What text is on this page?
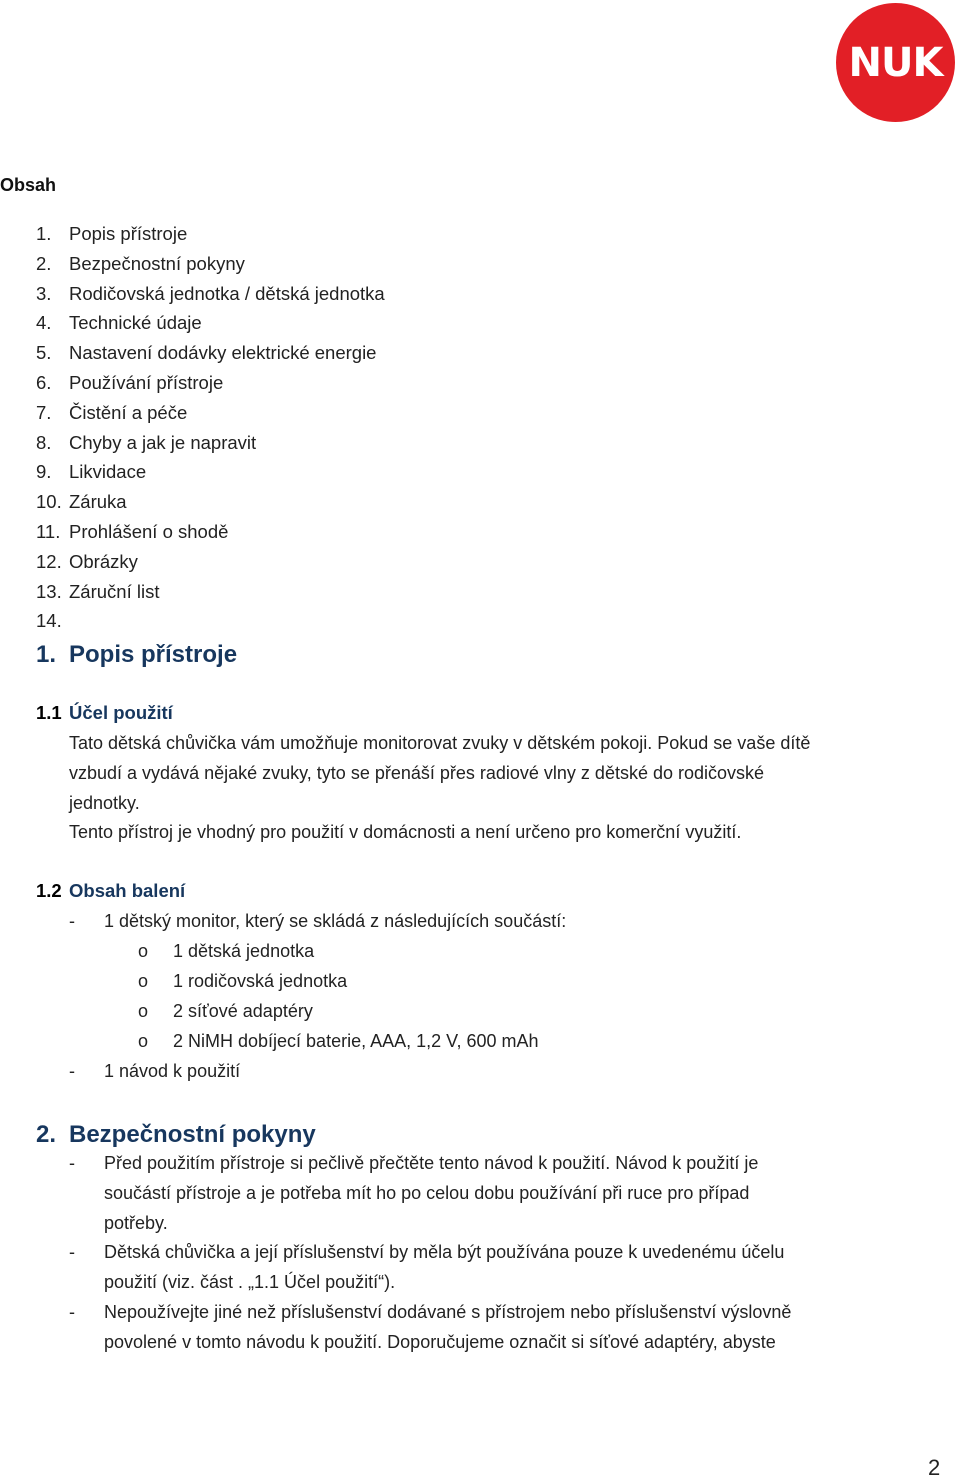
NUK
Obsah
1. Popis přístroje
2. Bezpečnostní pokyny
3. Rodičovská jednotka / dětská jednotka
4. Technické údaje
5. Nastavení dodávky elektrické energie
6. Používání přístroje
7. Čistění a péče
8. Chyby a jak je napravit
9. Likvidace
10. Záruka
11. Prohlášení o shodě
12. Obrázky
13. Záruční list
14.
1. Popis přístroje
1.1 Účel použití
Tato dětská chůvička vám umožňuje monitorovat zvuky v dětském pokoji. Pokud se vaše dítě
vzbudí a vydává nějaké zvuky, tyto se přenáší přes radiové vlny z dětské do rodičovské
jednotky.
Tento přístroj je vhodný pro použití v domácnosti a není určeno pro komerční využití.
1.2 Obsah balení
- 1 dětský monitor, který se skládá z následujících součástí:
o 1 dětská jednotka
o 1 rodičovská jednotka
o 2 síťové adaptéry
o 2 NiMH dobíjecí baterie, AAA, 1,2 V, 600 mAh
- 1 návod k použití
2. Bezpečnostní pokyny
- Před použitím přístroje si pečlivě přečtěte tento návod k použití. Návod k použití je
součástí přístroje a je potřeba mít ho po celou dobu používání při ruce pro případ
potřeby.
- Dětská chůvička a její příslušenství by měla být používána pouze k uvedenému účelu
použití (viz. část . „1.1 Účel použití“).
- Nepoužívejte jiné než příslušenství dodávané s přístrojem nebo příslušenství výslovně
povolené v tomto návodu k použití. Doporučujeme označit si síťové adaptéry, abyste
2
